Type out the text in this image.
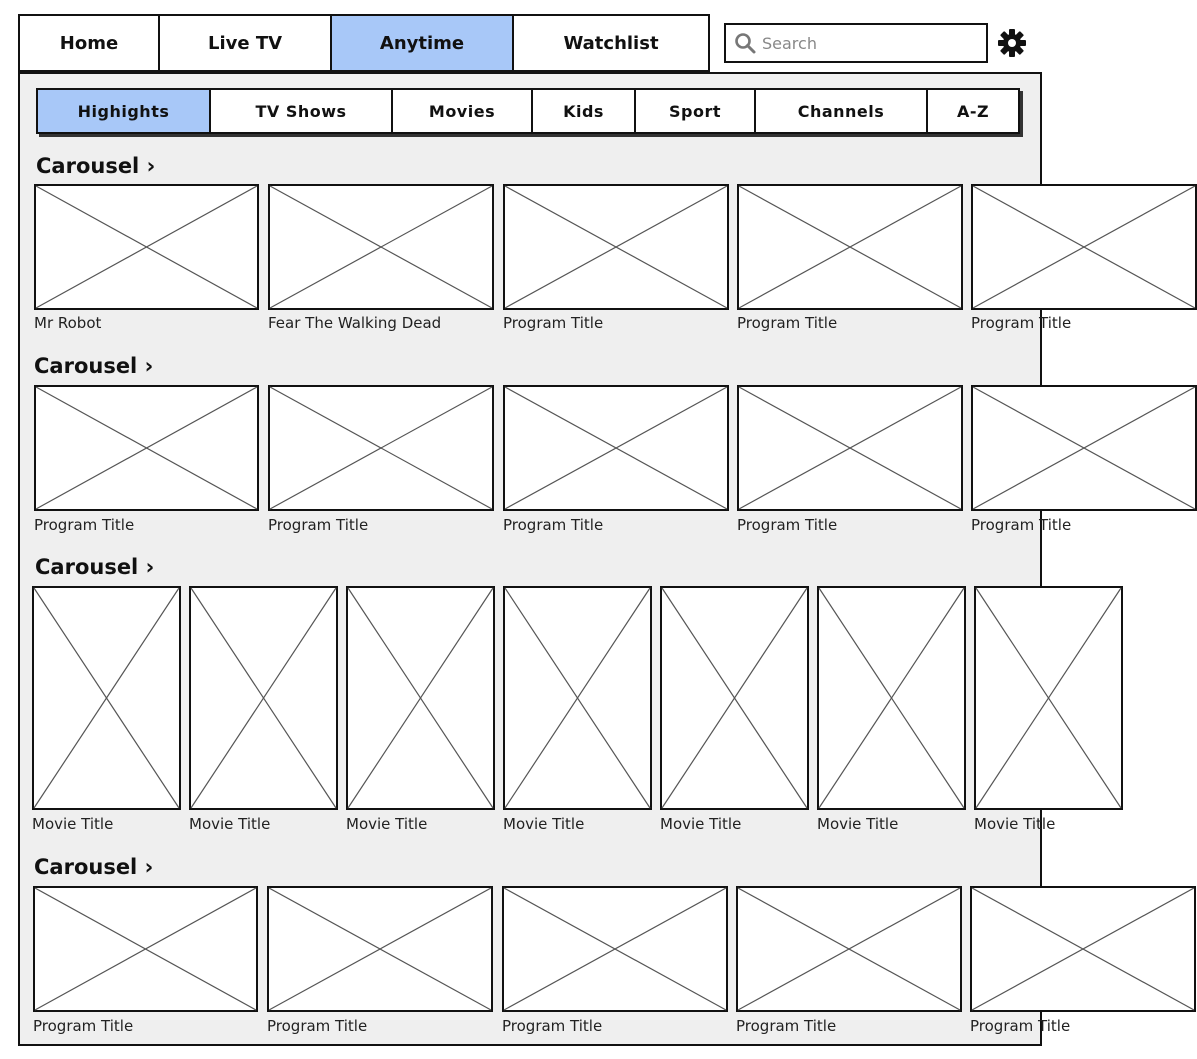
Home	Live TV	Anytime	Watchlist
Search
Highights	TV Shows	Movies	Kids	Sport	Channels	A-Z
Carousel ›
Mr Robot	Fear The Walking Dead	Program Title	Program Title	Program Title
Carousel ›
Program Title	Program Title	Program Title	Program Title	Program Title
Carousel ›
Movie Title	Movie Title	Movie Title	Movie Title	Movie Title	Movie Title	Movie Title
Carousel ›
Program Title	Program Title	Program Title	Program Title	Program Title
